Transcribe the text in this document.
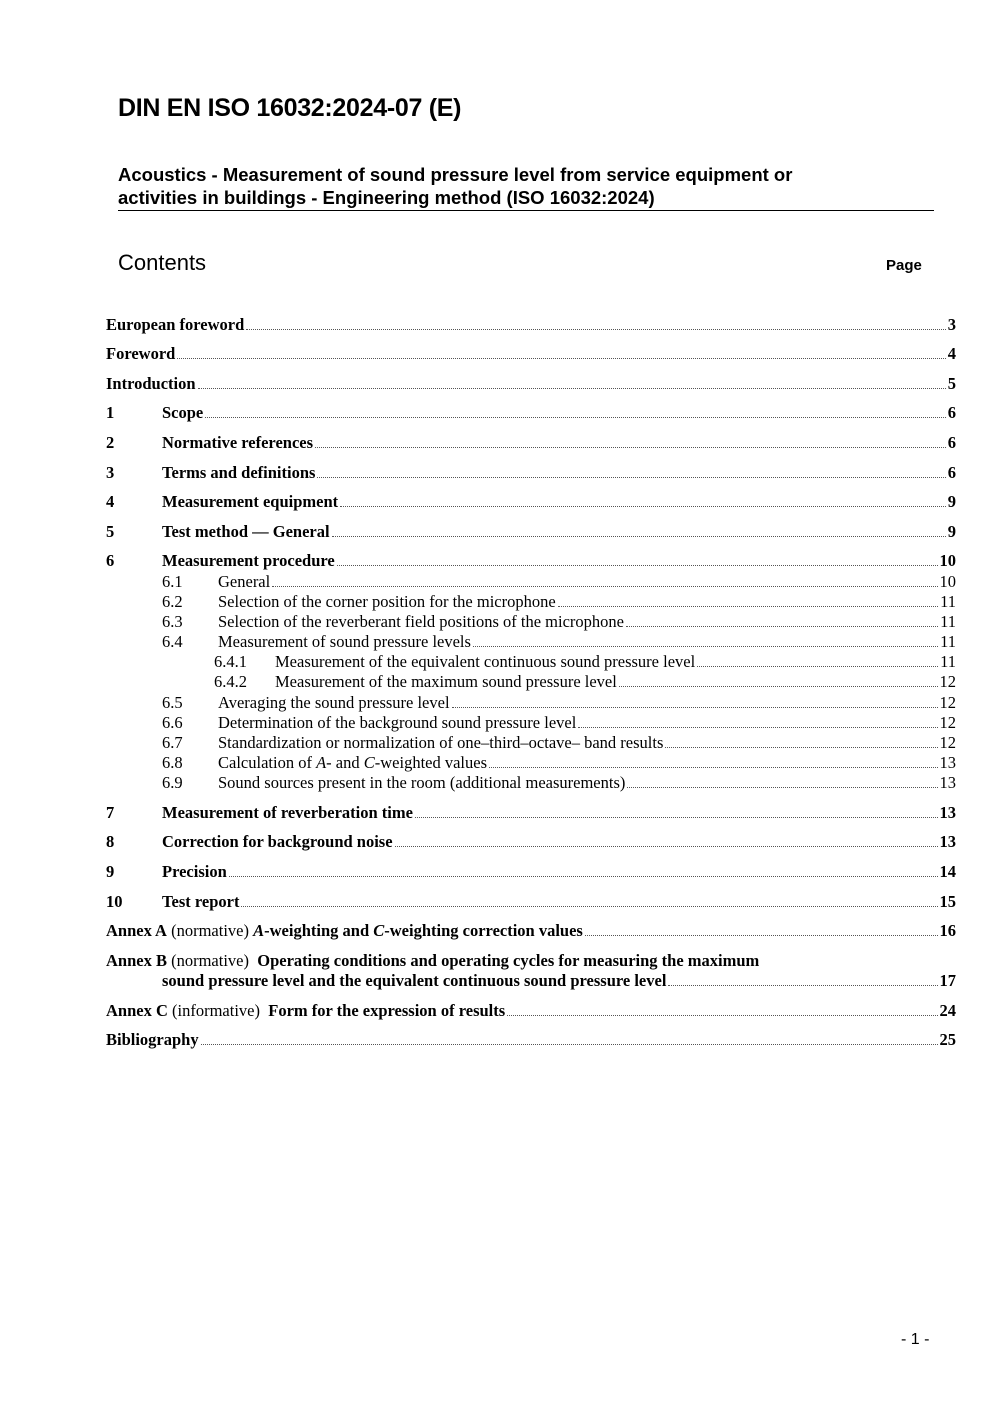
DIN EN ISO 16032:2024-07 (E)
Acoustics - Measurement of sound pressure level from service equipment or
activities in buildings - Engineering method (ISO 16032:2024)
Contents	Page
European foreword	3
Foreword	4
Introduction	5
1	Scope	6
2	Normative references	6
3	Terms and definitions	6
4	Measurement equipment	9
5	Test method — General	9
6	Measurement procedure	10
6.1	General	10
6.2	Selection of the corner position for the microphone	11
6.3	Selection of the reverberant field positions of the microphone	11
6.4	Measurement of sound pressure levels	11
6.4.1	Measurement of the equivalent continuous sound pressure level	11
6.4.2	Measurement of the maximum sound pressure level	12
6.5	Averaging the sound pressure level	12
6.6	Determination of the background sound pressure level	12
6.7	Standardization or normalization of one–third–octave– band results	12
6.8	Calculation of A- and C-weighted values	13
6.9	Sound sources present in the room (additional measurements)	13
7	Measurement of reverberation time	13
8	Correction for background noise	13
9	Precision	14
10	Test report	15
Annex A (normative) A-weighting and C-weighting correction values	16
Annex B (normative)  Operating conditions and operating cycles for measuring the maximum
sound pressure level and the equivalent continuous sound pressure level	17
Annex C (informative)  Form for the expression of results	24
Bibliography	25
- 1 -
